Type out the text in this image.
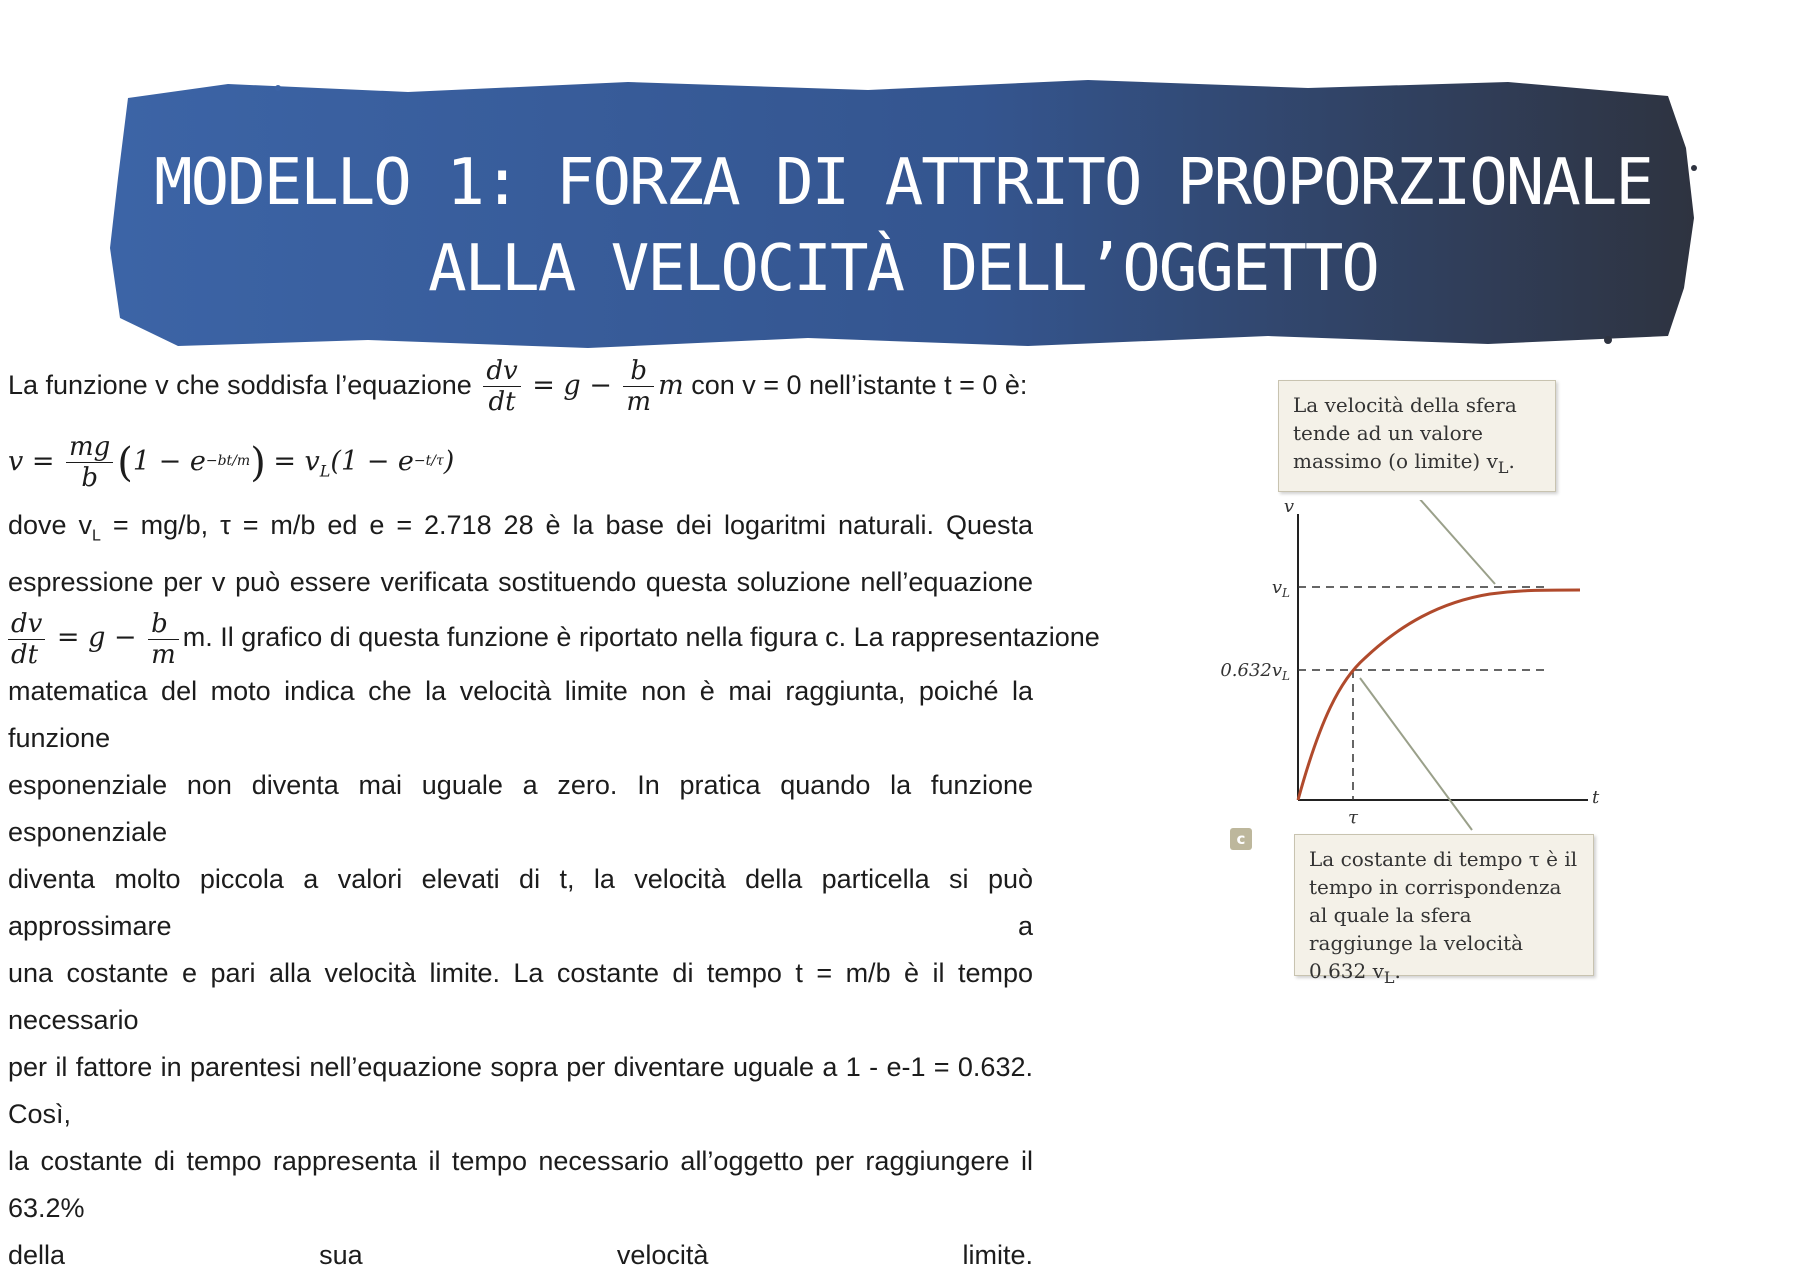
MODELLO 1: FORZA DI ATTRITO PROPORZIONALE
ALLA VELOCITÀ DELL’OGGETTO
La funzione v che soddisfa l’equazione $\frac{dv}{dt} = g - \frac{b}{m}$ m con v = 0 nell’istante t = 0 è:
$v = \frac{mg}{b} (1 - e^{-bt/m}) = v_L(1 - e^{-t/\tau})$
dove $v_L = mg/b$, τ = m/b ed e = 2.718 28 è la base dei logaritmi naturali. Questa
espressione per v può essere verificata sostituendo questa soluzione nell’equazione
$\frac{dv}{dt} = g - \frac{b}{m} m$. Il grafico di questa funzione è riportato nella figura c. La rappresentazione
matematica del moto indica che la velocità limite non è mai raggiunta, poiché la funzione
esponenziale non diventa mai uguale a zero. In pratica quando la funzione esponenziale
diventa molto piccola a valori elevati di t, la velocità della particella si può approssimare a
una costante e pari alla velocità limite. La costante di tempo t = m/b è il tempo necessario
per il fattore in parentesi nell’equazione sopra per diventare uguale a 1 - e-1 = 0.632. Così,
la costante di tempo rappresenta il tempo necessario all’oggetto per raggiungere il 63.2%
della sua velocità limite.
La velocità della sfera tende ad un valore massimo (o limite) $v_L$.
v
t
$v_L$
$0.632v_L$
τ
c
La costante di tempo τ è il tempo in corrispondenza al quale la sfera raggiunge la velocità 0.632 $v_L$.
